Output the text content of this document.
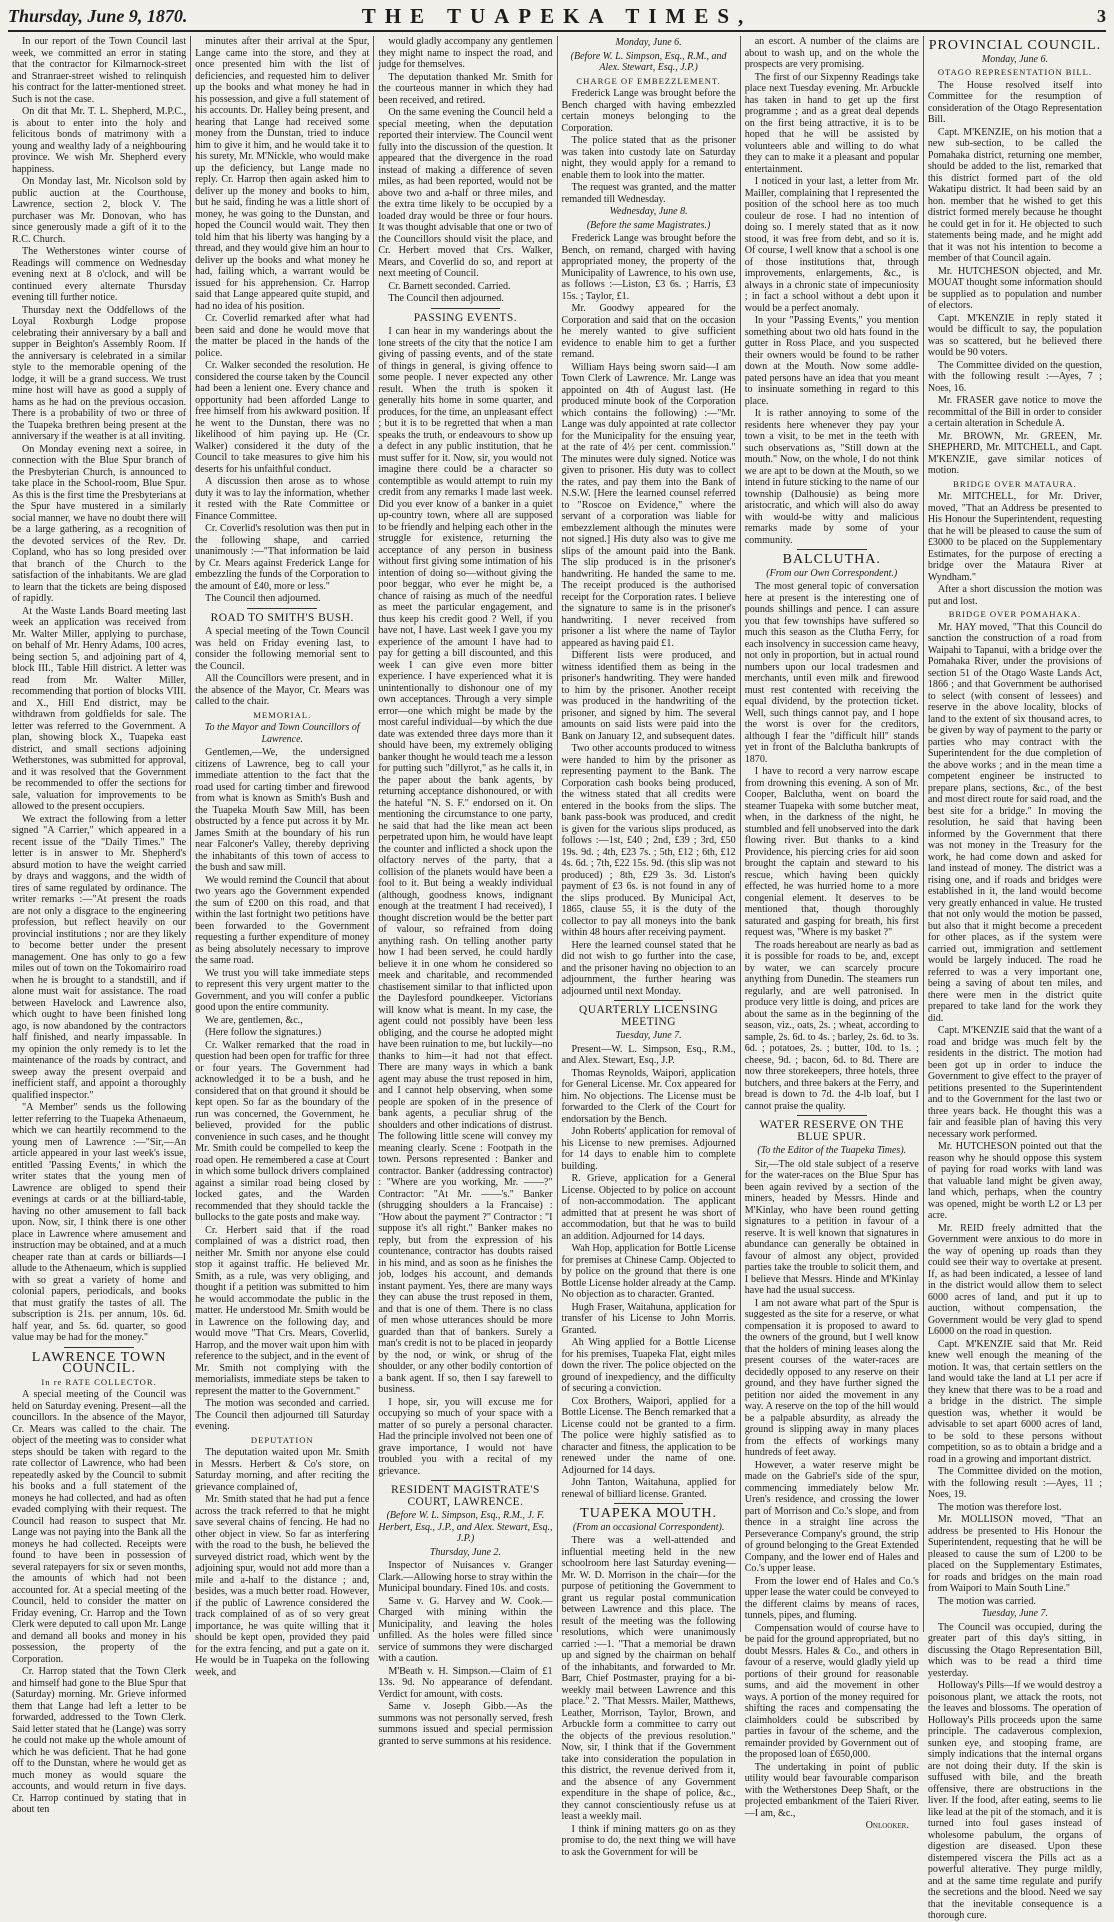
Thursday, June 9, 1870.	THE TUAPEKA TIMES,	3

In our report of the Town Council last week, we committed an error in stating that the contractor for Kilmarnock-street and Stranraer-street wished to relinquish his contract for the latter-mentioned street. Such is not the case.

On dit that Mr. T. L. Shepherd, M.P.C., is about to enter into the holy and felicitous bonds of matrimony with a young and wealthy lady of a neighbouring province. We wish Mr. Shepherd every happiness.

On Monday last, Mr. Nicolson sold by public auction at the Courthouse, Lawrence, section 2, block V. The purchaser was Mr. Donovan, who has since generously made a gift of it to the R.C. Church.

The Wetherstones winter course of Readings will commence on Wednesday evening next at 8 o'clock, and will be continued every alternate Thursday evening till further notice.

Thursday next the Oddfellows of the Loyal Roxburgh Lodge propose celebrating their anniversary by a ball and supper in Beighton's Assembly Room. If the anniversary is celebrated in a similar style to the memorable opening of the lodge, it will be a grand success. We trust mine host will have as good a supply of hams as he had on the previous occasion. There is a probability of two or three of the Tuapeka brethren being present at the anniversary if the weather is at all inviting.

On Monday evening next a soiree, in connection with the Blue Spur branch of the Presbyterian Church, is announced to take place in the School-room, Blue Spur. As this is the first time the Presbyterians at the Spur have mustered in a similarly social manner, we have no doubt there will be a large gathering, as a recognition of the devoted services of the Rev. Dr. Copland, who has so long presided over that branch of the Church to the satisfaction of the inhabitants. We are glad to learn that the tickets are being disposed of rapidly.

At the Waste Lands Board meeting last week an application was received from Mr. Walter Miller, applying to purchase, on behalf of Mr. Henry Adams, 100 acres, being section 5, and adjoining part of 4, block III., Table Hill district. A letter was read from Mr. Walter Miller, recommending that portion of blocks VIII. and X., Hill End district, may be withdrawn from goldfields for sale. The letter was referred to the Government. A plan, showing block X., Tuapeka east district, and small sections adjoining Wetherstones, was submitted for approval, and it was resolved that the Government be recommended to offer the sections for sale, valuation for improvements to be allowed to the present occupiers.

We extract the following from a letter signed "A Carrier," which appeared in a recent issue of the "Daily Times." The letter is in answer to Mr. Shepherd's absurd motion to have the weight carried by drays and waggons, and the width of tires of same regulated by ordinance. The writer remarks :—"At present the roads are not only a disgrace to the engineering profession, but reflect heavily on our provincial institutions ; nor are they likely to become better under the present management. One has only to go a few miles out of town on the Tokomairiro road when he is brought to a standstill, and if alone must wait for assistance. The road between Havelock and Lawrence also, which ought to have been finished long ago, is now abandoned by the contractors half finished, and nearly impassable. In my opinion the only remedy is to let the maintenance of the roads by contract, and sweep away the present overpaid and inefficient staff, and appoint a thoroughly qualified inspector."

"A Member" sends us the following letter referring to the Tuapeka Athenaeum, which we can heartily recommend to the young men of Lawrence :—"Sir,—An article appeared in your last week's issue, entitled 'Passing Events,' in which the writer states that the young men of Lawrence are obliged to spend their evenings at cards or at the billiard-table, having no other amusement to fall back upon. Now, sir, I think there is one other place in Lawrence where amusement and instruction may be obtained, and at a much cheaper rate than at cards or billiards—I allude to the Athenaeum, which is supplied with so great a variety of home and colonial papers, periodicals, and books that must gratify the tastes of all. The subscription is 21s. per annum, 10s. 6d. half year, and 5s. 6d. quarter, so good value may be had for the money."

LAWRENCE TOWN COUNCIL.
In re RATE COLLECTOR.

A special meeting of the Council was held on Saturday evening. Present—all the councillors. In the absence of the Mayor, Cr. Mears was called to the chair. The object of the meeting was to consider what steps should be taken with regard to the rate collector of Lawrence, who had been repeatedly asked by the Council to submit his books and a full statement of the moneys he had collected, and had as often evaded complying with their request. The Council had reason to suspect that Mr. Lange was not paying into the Bank all the moneys he had collected. Receipts were found to have been in possession of several ratepayers for six or seven months, the amounts of which had not been accounted for. At a special meeting of the Council, held to consider the matter on Friday evening, Cr. Harrop and the Town Clerk were deputed to call upon Mr. Lange and demand all books and money in his possession, the property of the Corporation.

Cr. Harrop stated that the Town Clerk and himself had gone to the Blue Spur that (Saturday) morning. Mr. Grieve informed them that Lange had left a letter to be forwarded, addressed to the Town Clerk. Said letter stated that he (Lange) was sorry he could not make up the whole amount of which he was deficient. That he had gone off to the Dunstan, where he would get as much money as would square the accounts, and would return in five days. Cr. Harrop continued by stating that in about ten

minutes after their arrival at the Spur, Lange came into the store, and they at once presented him with the list of deficiencies, and requested him to deliver up the books and what money he had in his possession, and give a full statement of his accounts. Dr. Halley being present, and hearing that Lange had received some money from the Dunstan, tried to induce him to give it him, and he would take it to his surety, Mr. M'Nickle, who would make up the deficiency, but Lange made no reply. Cr. Harrop then again asked him to deliver up the money and books to him, but he said, finding he was a little short of money, he was going to the Dunstan, and hoped the Council would wait. They then told him that his liberty was hanging by a thread, and they would give him an hour to deliver up the books and what money he had, failing which, a warrant would be issued for his apprehension. Cr. Harrop said that Lange appeared quite stupid, and had no idea of his position.

Cr. Coverlid remarked after what had been said and done he would move that the matter be placed in the hands of the police.

Cr. Walker seconded the resolution. He considered the course taken by the Council had been a lenient one. Every chance and opportunity had been afforded Lange to free himself from his awkward position. If he went to the Dunstan, there was no likelihood of him paying up. He (Cr. Walker) considered it the duty of the Council to take measures to give him his deserts for his unfaithful conduct.

A discussion then arose as to whose duty it was to lay the information, whether it rested with the Rate Committee or Finance Committee.

Cr. Coverlid's resolution was then put in the following shape, and carried unanimously :—"That information be laid by Cr. Mears against Frederick Lange for embezzling the funds of the Corporation to the amount of £40, more or less."

The Council then adjourned.

ROAD TO SMITH'S BUSH.

A special meeting of the Town Council was held on Friday evening last, to consider the following memorial sent to the Council.

All the Councillors were present, and in the absence of the Mayor, Cr. Mears was called to the chair.

MEMORIAL.
To the Mayor and Town Councillors of Lawrence.

Gentlemen,—We, the undersigned citizens of Lawrence, beg to call your immediate attention to the fact that the road used for carting timber and firewood from what is known as Smith's Bush and the Tuapeka Mouth Saw Mill, has been obstructed by a fence put across it by Mr. James Smith at the boundary of his run near Falconer's Valley, thereby depriving the inhabitants of this town of access to the bush and saw mill.

We would remind the Council that about two years ago the Government expended the sum of £200 on this road, and that within the last fortnight two petitions have been forwarded to the Government requesting a further expenditure of money as being absolutely necessary to improve the same road.

We trust you will take immediate steps to represent this very urgent matter to the Government, and you will confer a public good upon the entire community.

We are, gentlemen, &c.,

(Here follow the signatures.)

Cr. Walker remarked that the road in question had been open for traffic for three or four years. The Government had acknowledged it to be a bush, and he considered that on that ground it should be kept open. So far as the boundary of the run was concerned, the Government, he believed, provided for the public convenience in such cases, and he thought Mr. Smith could be compelled to keep the road open. He remembered a case at Court in which some bullock drivers complained against a similar road being closed by locked gates, and the Warden recommended that they should tackle the bullocks to the gate posts and make way.

Cr. Herbert said that if the road complained of was a district road, then neither Mr. Smith nor anyone else could stop it against traffic. He believed Mr. Smith, as a rule, was very obliging, and thought if a petition was submitted to him he would accommodate the public in the matter. He understood Mr. Smith would be in Lawrence on the following day, and would move "That Crs. Mears, Coverlid, Harrop, and the mover wait upon him with reference to the subject, and in the event of Mr. Smith not complying with the memorialists, immediate steps be taken to represent the matter to the Government."

The motion was seconded and carried. The Council then adjourned till Saturday evening.

DEPUTATION

The deputation waited upon Mr. Smith in Messrs. Herbert & Co's store, on Saturday morning, and after reciting the grievance complained of,

Mr. Smith stated that he had put a fence across the track referred to that he might save several chains of fencing. He had no other object in view. So far as interfering with the road to the bush, he believed the surveyed district road, which went by the adjoining spur, would not add more than a mile and a-half to the distance ; and, besides, was a much better road. However, if the public of Lawrence considered the track complained of as of so very great importance, he was quite willing that it should be kept open, provided they paid for the extra fencing, and put a gate on it. He would be in Tuapeka on the following week, and

would gladly accompany any gentlemen they might name to inspect the road, and judge for themselves.

The deputation thanked Mr. Smith for the courteous manner in which they had been received, and retired.

On the same evening the Council held a special meeting, when the deputation reported their interview. The Council went fully into the discussion of the question. It appeared that the divergence in the road instead of making a difference of seven miles, as had been reported, would not be above two and a-half or three miles, and the extra time likely to be occupied by a loaded dray would be three or four hours. It was thought advisable that one or two of the Councillors should visit the place, and Cr. Herbert moved that Crs. Walker, Mears, and Coverlid do so, and report at next meeting of Council.

Cr. Barnett seconded. Carried.

The Council then adjourned.

PASSING EVENTS.

I can hear in my wanderings about the lone streets of the city that the notice I am giving of passing events, and of the state of things in general, is giving offence to some people. I never expected any other result. When the truth is spoken it generally hits home in some quarter, and produces, for the time, an unpleasant effect ; but it is to be regretted that when a man speaks the truth, or endeavours to show up a defect in any public institution, that he must suffer for it. Now, sir, you would not imagine there could be a character so contemptible as would attempt to ruin my credit from any remarks I made last week. Did you ever know of a banker in a quiet up-country town, where all are supposed to be friendly and helping each other in the struggle for existence, returning the acceptance of any person in business without first giving some intimation of his intention of doing so—without giving the poor beggar, who ever he might be, a chance of raising as much of the needful as meet the particular engagement, and thus keep his credit good ? Well, if you have not, I have. Last week I gave you my experience of the amount I have had to pay for getting a bill discounted, and this week I can give even more bitter experience. I have experienced what it is unintentionally to dishonour one of my own acceptances. Through a very simple error—one which might be made by the most careful individual—by which the due date was extended three days more than it should have been, my extremely obliging banker thought he would teach me a lesson for putting such "dillyrot," as he calls it, in the paper about the bank agents, by returning acceptance dishonoured, or with the hateful "N. S. F." endorsed on it. On mentioning the circumstance to one party, he said that had the like mean act been perpetrated upon him, he would have leapt the counter and inflicted a shock upon the olfactory nerves of the party, that a collision of the planets would have been a fool to it. But being a weakly individual (although, goodness knows, indignant enough at the treatment I had received), I thought discretion would be the better part of valour, so refrained from doing anything rash. On telling another party how I had been served, he could hardly believe it in one whom he considered so meek and charitable, and recommended chastisement similar to that inflicted upon the Daylesford poundkeeper. Victorians will know what is meant. In my case, the agent could not possibly have been less obliging, and the course he adopted might have been ruination to me, but luckily—no thanks to him—it had not that effect. There are many ways in which a bank agent may abuse the trust reposed in him, and I cannot help observing, when some people are spoken of in the presence of bank agents, a peculiar shrug of the shoulders and other indications of distrust. The following little scene will convey my meaning clearly. Scene : Footpath in the town. Persons represented : Banker and contractor. Banker (addressing contractor) : "Where are you working, Mr. ——?" Contractor: "At Mr. ——'s." Banker (shrugging shoulders a la Francaise) : "How about the payment ?" Contractor : "I suppose it's all right." Banker makes no reply, but from the expression of his countenance, contractor has doubts raised in his mind, and as soon as he finishes the job, lodges his account, and demands instant payment. Yes, there are many ways they can abuse the trust reposed in them, and that is one of them. There is no class of men whose utterances should be more guarded than that of bankers. Surely a man's credit is not to be placed in jeopardy by the nod, or wink, or shrug of the shoulder, or any other bodily contortion of a bank agent. If so, then I say farewell to business.

I hope, sir, you will excuse me for occupying so much of your space with a matter of so purely a personal character. Had the principle involved not been one of grave importance, I would not have troubled you with a recital of my grievance.

RESIDENT MAGISTRATE'S COURT, LAWRENCE.
(Before W. L. Simpson, Esq., R.M., J. F. Herbert, Esq., J.P., and Alex. Stewart, Esq., J.P.)
Thursday, June 2.

Inspector of Nuisances v. Granger Clark.—Allowing horse to stray within the Municipal boundary. Fined 10s. and costs.

Same v. G. Harvey and W. Cook.—Charged with mining within the Municipality, and leaving the holes unfilled. As the holes were filled since service of summons they were discharged with a caution.

M'Beath v. H. Simpson.—Claim of £1 13s. 9d. No appearance of defendant. Verdict for amount, with costs.

Same v. Joseph Gibb.—As the summons was not personally served, fresh summons issued and special permission granted to serve summons at his residence.

Monday, June 6.
(Before W. L. Simpson, Esq., R.M., and Alex. Stewart, Esq., J.P.)
CHARGE OF EMBEZZLEMENT.

Frederick Lange was brought before the Bench charged with having embezzled certain moneys belonging to the Corporation.

The police stated that as the prisoner was taken into custody late on Saturday night, they would apply for a remand to enable them to look into the matter.

The request was granted, and the matter remanded till Wednesday.

Wednesday, June 8.
(Before the same Magistrates.)

Frederick Lange was brought before the Bench, on remand, charged with having appropriated money, the property of the Municipality of Lawrence, to his own use, as follows :—Liston, £3 6s. ; Harris, £3 15s. ; Taylor, £1.

Mr. Goodwy appeared for the Corporation and said that on the occasion he merely wanted to give sufficient evidence to enable him to get a further remand.

William Hays being sworn said—I am Town Clerk of Lawrence. Mr. Lange was appointed on 4th of August last. (He produced minute book of the Corporation which contains the following) :—"Mr. Lange was duly appointed at rate collector for the Municipality for the ensuing year, at the rate of 4½ per cent. commission." The minutes were duly signed. Notice was given to prisoner. His duty was to collect the rates, and pay them into the Bank of N.S.W. [Here the learned counsel referred to "Roscoe on Evidence," where the servant of a corporation was liable for embezzlement although the minutes were not signed.] His duty also was to give me slips of the amount paid into the Bank. The slip produced is in the prisoner's handwriting. He handed the same to me. The receipt produced is the authorised receipt for the Corporation rates. I believe the signature to same is in the prisoner's handwriting. I never received from prisoner a list where the name of Taylor appeared as having paid £1.

Different lists were produced, and witness identified them as being in the prisoner's handwriting. They were handed to him by the prisoner. Another receipt was produced in the handwriting of the prisoner, and signed by him. The several amounts on said lists were paid into the Bank on January 12, and subsequent dates.

Two other accounts produced to witness were handed to him by the prisoner as representing payment to the Bank. The Corporation cash books being produced, the witness stated that all credits were entered in the books from the slips. The bank pass-book was produced, and credit is given for the various slips produced, as follows :—1st, £40 ; 2nd, £39 ; 3rd, £50 19s. 9d. ; 4th, £23 7s. ; 5th, £12 ; 6th, £12 4s. 6d. ; 7th, £22 15s. 9d. (this slip was not produced) ; 8th, £29 3s. 3d. Liston's payment of £3 6s. is not found in any of the slips produced. By Municipal Act, 1865, clause 55, it is the duty of the collector to pay all moneys into the bank within 48 hours after receiving payment.

Here the learned counsel stated that he did not wish to go further into the case, and the prisoner having no objection to an adjournment, the further hearing was adjourned until next Monday.

QUARTERLY LICENSING MEETING
Tuesday, June 7.

Present—W. L. Simpson, Esq., R.M., and Alex. Stewart, Esq., J.P.

Thomas Reynolds, Waipori, application for General License. Mr. Cox appeared for him. No objections. The License must be forwarded to the Clerk of the Court for endorsation by the Bench.

John Roberts' application for removal of his License to new premises. Adjourned for 14 days to enable him to complete building.

R. Grieve, application for a General License. Objected to by police on account of non-accommodation. The applicant admitted that at present he was short of accommodation, but that he was to build an addition. Adjourned for 14 days.

Wah Hop, application for Bottle License for premises at Chinese Camp. Objected to by police on the ground that there is one Bottle License holder already at the Camp. No objection as to character. Granted.

Hugh Fraser, Waitahuna, application for transfer of his License to John Morris. Granted.

Ah Wing applied for a Bottle License for his premises, Tuapeka Flat, eight miles down the river. The police objected on the ground of inexpediency, and the difficulty of securing a conviction.

Cox Brothers, Waipori, applied for a Bottle License. The Bench remarked that a License could not be granted to a firm. The police were highly satisfied as to character and fitness, the application to be renewed under the name of one. Adjourned for 14 days.

John Tanton, Waitahuna, applied for renewal of billiard license. Granted.

TUAPEKA MOUTH.
(From an occasional Correspondent).

There was a well-attended and influential meeting held in the new schoolroom here last Saturday evening—Mr. W. D. Morrison in the chair—for the purpose of petitioning the Government to grant us regular postal communication between Lawrence and this place. The result of the meeting was the following resolutions, which were unanimously carried :—1. "That a memorial be drawn up and signed by the chairman on behalf of the inhabitants, and forwarded to Mr. Barr, Chief Postmaster, praying for a bi-weekly mail between Lawrence and this place." 2. "That Messrs. Mailer, Matthews, Leather, Morrison, Taylor, Brown, and Arbuckle form a committee to carry out the objects of the previous resolution." Now, sir, I think that if the Government take into consideration the population in this district, the revenue derived from it, and the absence of any Government expenditure in the shape of police, &c., they cannot conscientiously refuse us at least a weekly mail.

I think if mining matters go on as they promise to do, the next thing we will have to ask the Government for will be

an escort. A number of the claims are about to wash up, and on the whole the prospects are very promising.

The first of our Sixpenny Readings take place next Tuesday evening. Mr. Arbuckle has taken in hand to get up the first programme ; and as a great deal depends on the first being attractive, it is to be hoped that he will be assisted by volunteers able and willing to do what they can to make it a pleasant and popular entertainment.

I noticed in your last, a letter from Mr. Mailler, complaining that I represented the position of the school here as too much couleur de rose. I had no intention of doing so. I merely stated that as it now stood, it was free from debt, and so it is. Of course, I well know that a school is one of those institutions that, through improvements, enlargements, &c., is always in a chronic state of impecuniosity ; in fact a school without a debt upon it would be a perfect anomaly.

In your "Passing Events," you mention something about two old hats found in the gutter in Ross Place, and you suspected their owners would be found to be rather down at the Mouth. Now some addle-pated persons have an idea that you meant to insinuate something in regard to this place.

It is rather annoying to some of the residents here whenever they pay your town a visit, to be met in the teeth with such observations as, "Still down at the mouth." Now, on the whole, I do not think we are apt to be down at the Mouth, so we intend in future sticking to the name of our township (Dalhousie) as being more aristocratic, and which will also do away with would-be witty and malicious remarks made by some of your community.

BALCLUTHA.
(From our Own Correspondent.)

The most general topic of conversation here at present is the interesting one of pounds shillings and pence. I can assure you that few townships have suffered so much this season as the Clutha Ferry, for each insolvency in succession came heavy, not only in proportion, but in actual round numbers upon our local tradesmen and merchants, until even milk and firewood must rest contented with receiving the equal dividend, by the protection ticket. Well, such things cannot pay, and I hope the worst is over for the creditors, although I fear the "difficult hill" stands yet in front of the Balclutha bankrupts of 1870.

I have to record a very narrow escape from drowning this evening. A son of Mr. Cooper, Balclutha, went on board the steamer Tuapeka with some butcher meat, when, in the darkness of the night, he stumbled and fell unobserved into the dark flowing river. But thanks to a kind Providence, his piercing cries for aid soon brought the captain and steward to his rescue, which having been quickly effected, he was hurried home to a more congenial element. It deserves to be mentioned that, though thoroughly saturated and gasping for breath, his first request was, "Where is my basket ?"

The roads hereabout are nearly as bad as it is possible for roads to be, and, except by water, we can scarcely procure anything from Dunedin. The steamers run regularly, and are well patronised. In produce very little is doing, and prices are about the same as in the beginning of the season, viz., oats, 2s. ; wheat, according to sample, 2s. 6d. to 4s. ; barley, 2s. 6d. to 3s. 6d. ; potatoes, 2s. ; butter, 10d. to 1s. ; cheese, 9d. ; bacon, 6d. to 8d. There are now three storekeepers, three hotels, three butchers, and three bakers at the Ferry, and bread is down to 7d. the 4-lb loaf, but I cannot praise the quality.

WATER RESERVE ON THE BLUE SPUR.
(To the Editor of the Tuapeka Times).

Sir,—The old stale subject of a reserve for the water-races on the Blue Spur has been again revived by a section of the miners, headed by Messrs. Hinde and M'Kinlay, who have been round getting signatures to a petition in favour of a reserve. It is well known that signatures in abundance can generally be obtained in favour of almost any object, provided parties take the trouble to solicit them, and I believe that Messrs. Hinde and M'Kinlay have had the usual success.

I am not aware what part of the Spur is suggested as the site for a reserve, or what compensation it is proposed to award to the owners of the ground, but I well know that the holders of mining leases along the present courses of the water-races are decidedly opposed to any reserve on their ground, and they have further signed the petition nor aided the movement in any way. A reserve on the top of the hill would be a palpable absurdity, as already the ground is slipping away in many places from the effects of workings many hundreds of feet away.

However, a water reserve might be made on the Gabriel's side of the spur, commencing immediately below Mr. Uren's residence, and crossing the lower part of Morrison and Co.'s slope, and from thence in a straight line across the Perseverance Company's ground, the strip of ground belonging to the Great Extended Company, and the lower end of Hales and Co.'s upper lease.

From the lower end of Hales and Co.'s upper lease the water could be conveyed to the different claims by means of races, tunnels, pipes, and fluming.

Compensation would of course have to be paid for the ground appropriated, but no doubt Messrs. Hales & Co., and others in favour of a reserve, would gladly yield up portions of their ground for reasonable sums, and aid the movement in other ways. A portion of the money required for shifting the races and compensating the claimholders could be subscribed by parties in favour of the scheme, and the remainder provided by Government out of the proposed loan of £650,000.

The undertaking in point of public utility would bear favourable comparison with the Wetherstones Deep Shaft, or the projected embankment of the Taieri River.—I am, &c.,

Onlooker.
PROVINCIAL COUNCIL.
Monday, June 6.
OTAGO REPRESENTATION BILL.

The House resolved itself into Committee for the resumption of consideration of the Otago Representation Bill.

Capt. M'KENZIE, on his motion that a new sub-section, to be called the Pomahaka district, returning one member, should be added to the list, remarked that this district formed part of the old Wakatipu district. It had been said by an hon. member that he wished to get this district formed merely because he thought he could get in for it. He objected to such statements being made, and he might add that it was not his intention to become a member of that Council again.

Mr. HUTCHESON objected, and Mr. MOUAT thought some information should be supplied as to population and number of electors.

Capt. M'KENZIE in reply stated it would be difficult to say, the population was so scattered, but he believed there would be 90 voters.

The Committee divided on the question, with the following result :—Ayes, 7 ; Noes, 16.

Mr. FRASER gave notice to move the recommittal of the Bill in order to consider a certain alteration in Schedule A.

Mr. BROWN, Mr. GREEN, Mr. SHEPHERD, Mr. MITCHELL, and Capt. M'KENZIE, gave similar notices of motion.

BRIDGE OVER MATAURA.

Mr. MITCHELL, for Mr. Driver, moved, "That an Address be presented to His Honour the Superintendent, requesting that he will be pleased to cause the sum of £3000 to be placed on the Supplementary Estimates, for the purpose of erecting a bridge over the Mataura River at Wyndham."

After a short discussion the motion was put and lost.

BRIDGE OVER POMAHAKA.

Mr. HAY moved, "That this Council do sanction the construction of a road from Waipahi to Tapanui, with a bridge over the Pomahaka River, under the provisions of section 51 of the Otago Waste Lands Act, 1866 ; and that Government be authorised to select (with consent of lessees) and reserve in the above locality, blocks of land to the extent of six thousand acres, to be given by way of payment to the party or parties who may contract with the Superintendent for the due completion of the above works ; and in the mean time a competent engineer be instructed to prepare plans, sections, &c., of the best and most direct route for said road, and the best site for a bridge." In moving the resolution, he said that having been informed by the Government that there was not money in the Treasury for the work, he had come down and asked for land instead of money. The district was a rising one, and if roads and bridges were established in it, the land would become very greatly enhanced in value. He trusted that not only would the motion be passed, but also that it might become a precedent for other places, as if the system were carried out, immigration and settlement would be largely induced. The road he referred to was a very important one, being a saving of about ten miles, and there were men in the district quite prepared to take land for the work they did.

Capt. M'KENZIE said that the want of a road and bridge was much felt by the residents in the district. The motion had been got up in order to induce the Government to give effect to the prayer of petitions presented to the Superintendent and to the Government for the last two or three years back. He thought this was a fair and feasible plan of having this very necessary work performed.

Mr. HUTCHESON pointed out that the reason why he should oppose this system of paying for road works with land was that valuable land might be given away, land which, perhaps, when the country was opened, might be worth L2 or L3 per acre.

Mr. REID freely admitted that the Government were anxious to do more in the way of opening up roads than they could see their way to overtake at present. If, as had been indicated, a lessee of land in the district would allow them to select 6000 acres of land, and put it up to auction, without compensation, the Government would be very glad to spend L6000 on the road in question.

Capt. M'KENZIE said that Mr. Reid knew well enough the meaning of the motion. It was, that certain settlers on the land would take the land at L1 per acre if they knew that there was to be a road and a bridge in the district. The simple question was, whether it would be advisable to set apart 6000 acres of land, to be sold to these persons without competition, so as to obtain a bridge and a road in a growing and important district.

The Committee divided on the motion, with the following result :—Ayes, 11 ; Noes, 19.

The motion was therefore lost.

Mr. MOLLISON moved, "That an address be presented to His Honour the Superintendent, requesting that he will be pleased to cause the sum of L200 to be placed on the Supplementary Estimates, for roads and bridges on the main road from Waipori to Main South Line."

The motion was carried.

Tuesday, June 7.

The Council was occupied, during the greater part of this day's sitting, in discussing the Otago Representation Bill, which was to be read a third time yesterday.

Holloway's Pills—If we would destroy a poisonous plant, we attack the roots, not the leaves and blossoms. The operation of Holloway's Pills proceeds upon the same principle. The cadaverous complexion, sunken eye, and stooping frame, are simply indications that the internal organs are not doing their duty. If the skin is suffused with bile, and the breath offensive, there are obstructions in the liver. If the food, after eating, seems to lie like lead at the pit of the stomach, and it is turned into foul gases instead of wholesome pabulum, the organs of digestion are diseased. Upon these distempered viscera the Pills act as a powerful alterative. They purge mildly, and at the same time regulate and purify the secretions and the blood. Need we say that the inevitable consequence is a thorough cure.
